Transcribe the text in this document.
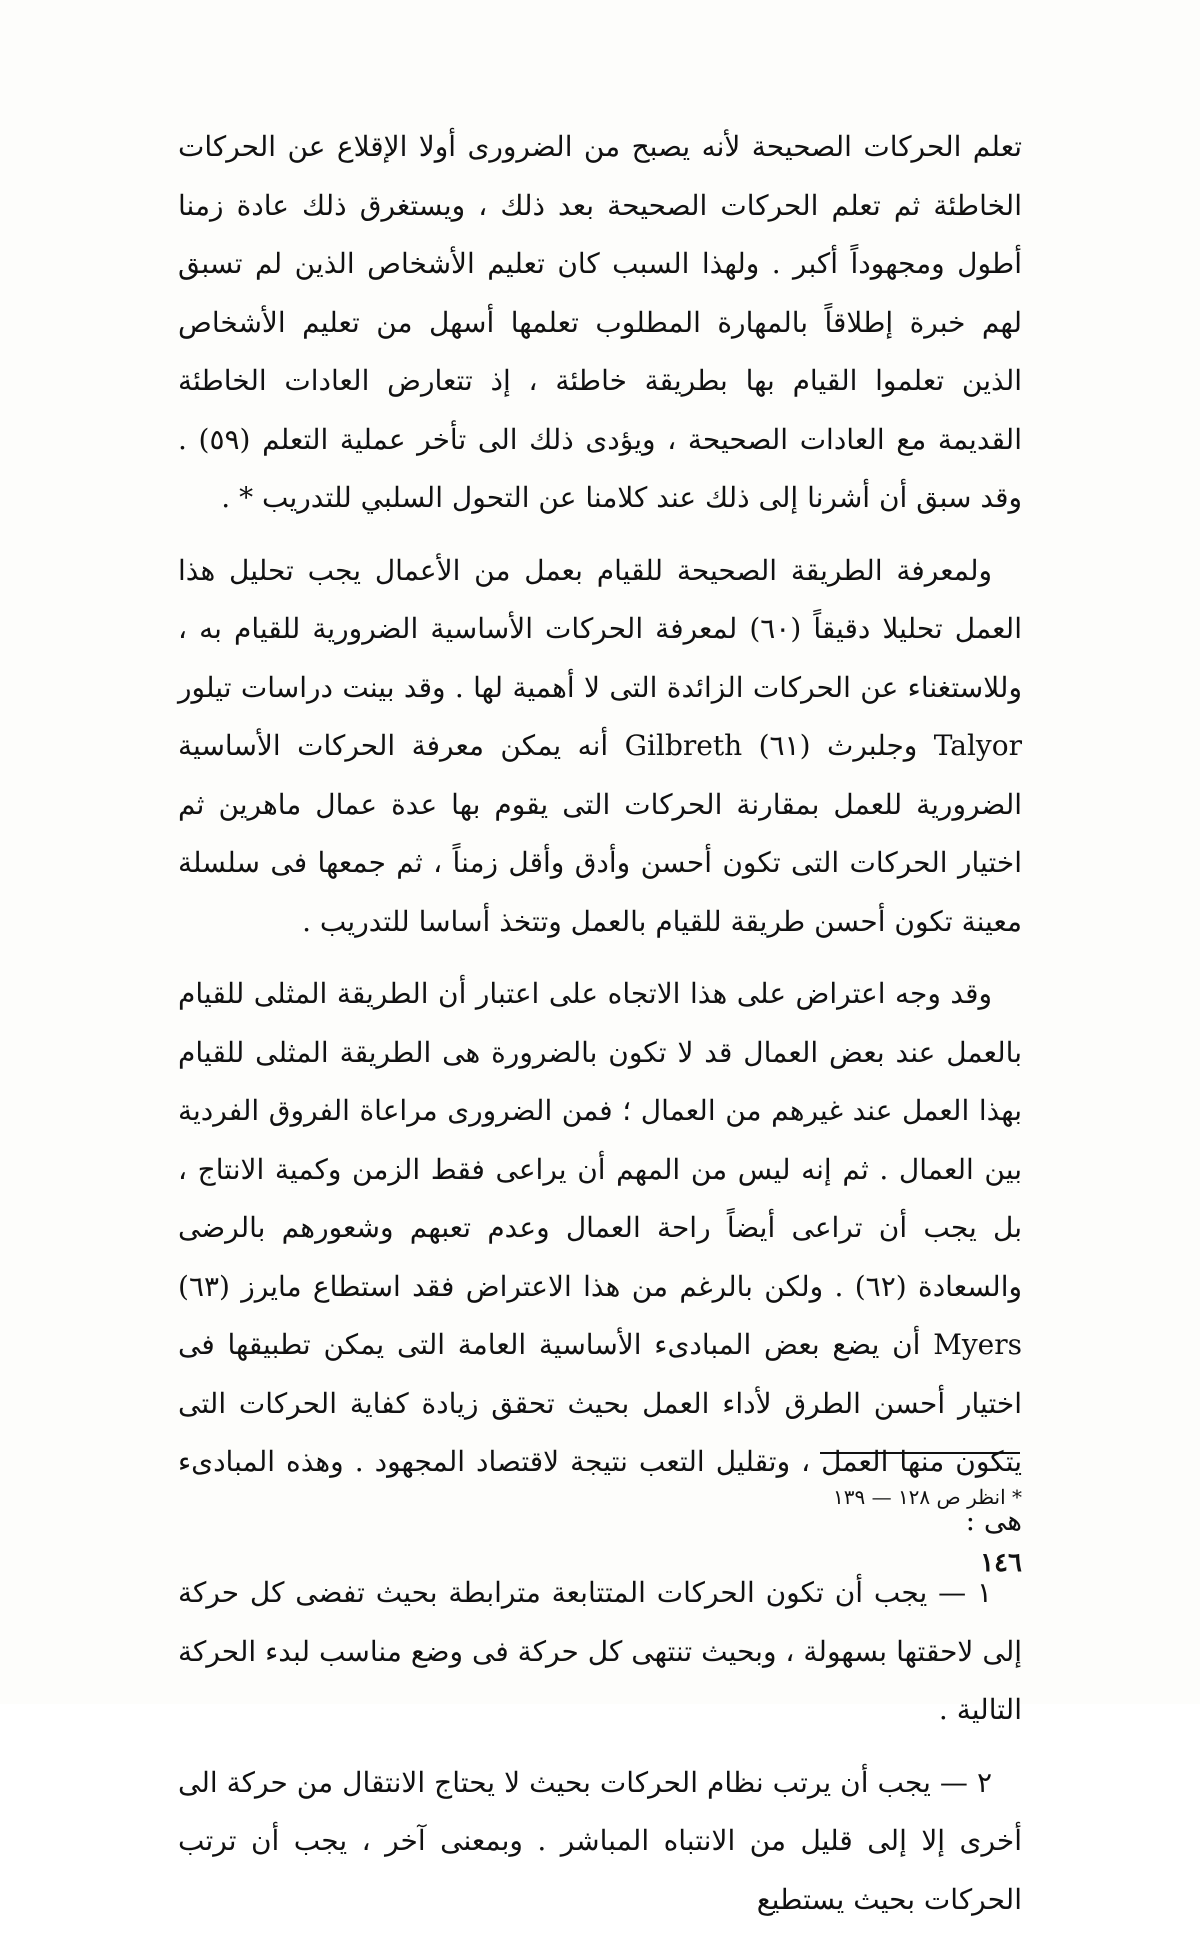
تعلم الحركات الصحيحة لأنه يصبح من الضرورى أولا الإقلاع عن الحركات الخاطئة ثم تعلم الحركات الصحيحة بعد ذلك ، ويستغرق ذلك عادة زمنا أطول ومجهوداً أكبر . ولهذا السبب كان تعليم الأشخاص الذين لم تسبق لهم خبرة إطلاقاً بالمهارة المطلوب تعلمها أسهل من تعليم الأشخاص الذين تعلموا القيام بها بطريقة خاطئة ، إذ تتعارض العادات الخاطئة القديمة مع العادات الصحيحة ، ويؤدى ذلك الى تأخر عملية التعلم (٥٩) . وقد سبق أن أشرنا إلى ذلك عند كلامنا عن التحول السلبي للتدريب * .

ولمعرفة الطريقة الصحيحة للقيام بعمل من الأعمال يجب تحليل هذا العمل تحليلا دقيقاً (٦٠) لمعرفة الحركات الأساسية الضرورية للقيام به ، وللاستغناء عن الحركات الزائدة التى لا أهمية لها . وقد بينت دراسات تيلور Talyor وجلبرث (٦١) Gilbreth أنه يمكن معرفة الحركات الأساسية الضرورية للعمل بمقارنة الحركات التى يقوم بها عدة عمال ماهرين ثم اختيار الحركات التى تكون أحسن وأدق وأقل زمناً ، ثم جمعها فى سلسلة معينة تكون أحسن طريقة للقيام بالعمل وتتخذ أساسا للتدريب .

وقد وجه اعتراض على هذا الاتجاه على اعتبار أن الطريقة المثلى للقيام بالعمل عند بعض العمال قد لا تكون بالضرورة هى الطريقة المثلى للقيام بهذا العمل عند غيرهم من العمال ؛ فمن الضرورى مراعاة الفروق الفردية بين العمال . ثم إنه ليس من المهم أن يراعى فقط الزمن وكمية الانتاج ، بل يجب أن تراعى أيضاً راحة العمال وعدم تعبهم وشعورهم بالرضى والسعادة (٦٢) . ولكن بالرغم من هذا الاعتراض فقد استطاع مايرز (٦٣) Myers أن يضع بعض المبادىء الأساسية العامة التى يمكن تطبيقها فى اختيار أحسن الطرق لأداء العمل بحيث تحقق زيادة كفاية الحركات التى يتكون منها العمل ، وتقليل التعب نتيجة لاقتصاد المجهود . وهذه المبادىء هى :

١ — يجب أن تكون الحركات المتتابعة مترابطة بحيث تفضى كل حركة إلى لاحقتها بسهولة ، وبحيث تنتهى كل حركة فى وضع مناسب لبدء الحركة التالية .

٢ — يجب أن يرتب نظام الحركات بحيث لا يحتاج الانتقال من حركة الى أخرى إلا إلى قليل من الانتباه المباشر . وبمعنى آخر ، يجب أن ترتب الحركات بحيث يستطيع

* انظر ص ١٢٨ — ١٣٩
١٤٦
